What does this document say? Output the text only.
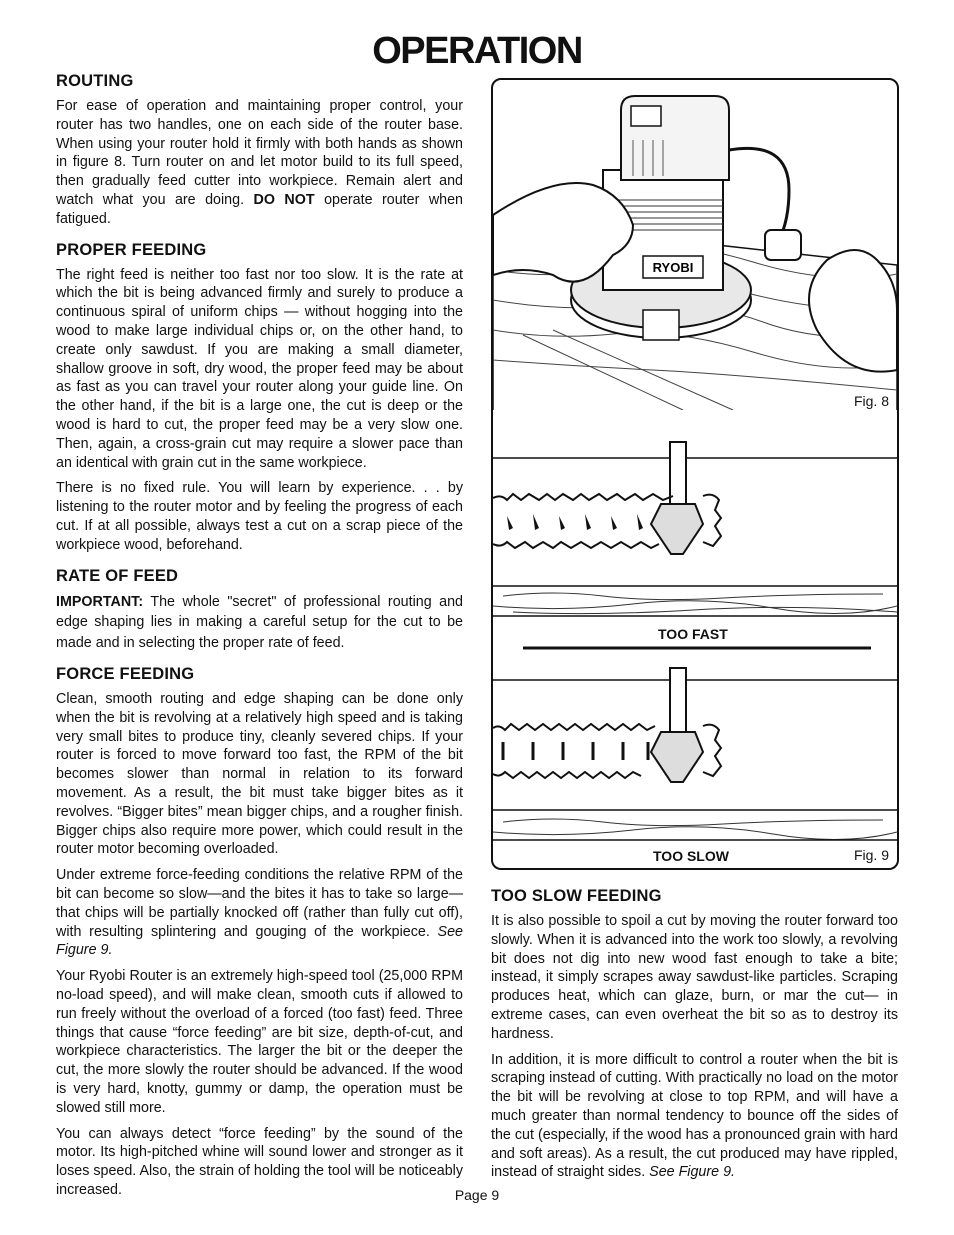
OPERATION
ROUTING

For ease of operation and maintaining proper control, your router has two handles, one on each side of the router base. When using your router hold it firmly with both hands as shown in figure 8. Turn router on and let motor build to its full speed, then gradually feed cutter into workpiece. Remain alert and watch what you are doing. DO NOT operate router when fatigued.

PROPER FEEDING

The right feed is neither too fast nor too slow. It is the rate at which the bit is being advanced firmly and surely to produce a continuous spiral of uniform chips — without hogging into the wood to make large individual chips or, on the other hand, to create only sawdust. If you are making a small diameter, shallow groove in soft, dry wood, the proper feed may be about as fast as you can travel your router along your guide line. On the other hand, if the bit is a large one, the cut is deep or the wood is hard to cut, the proper feed may be a very slow one. Then, again, a cross-grain cut may require a slower pace than an identical with grain cut in the same workpiece.

There is no fixed rule. You will learn by experience. . . by listening to the router motor and by feeling the progress of each cut. If at all possible, always test a cut on a scrap piece of the workpiece wood, beforehand.

RATE OF FEED

IMPORTANT: The whole "secret" of professional routing and edge shaping lies in making a careful setup for the cut to be made and in selecting the proper rate of feed.

FORCE FEEDING

Clean, smooth routing and edge shaping can be done only when the bit is revolving at a relatively high speed and is taking very small bites to produce tiny, cleanly severed chips. If your router is forced to move forward too fast, the RPM of the bit becomes slower than normal in relation to its forward movement. As a result, the bit must take bigger bites as it revolves. “Bigger bites” mean bigger chips, and a rougher finish. Bigger chips also require more power, which could result in the router motor becoming overloaded.

Under extreme force-feeding conditions the relative RPM of the bit can become so slow—and the bites it has to take so large—that chips will be partially knocked off (rather than fully cut off), with resulting splintering and gouging of the workpiece. See Figure 9.

Your Ryobi Router is an extremely high-speed tool (25,000 RPM no-load speed), and will make clean, smooth cuts if allowed to run freely without the overload of a forced (too fast) feed. Three things that cause “force feeding” are bit size, depth-of-cut, and workpiece characteristics. The larger the bit or the deeper the cut, the more slowly the router should be advanced. If the wood is very hard, knotty, gummy or damp, the operation must be slowed still more.

You can always detect “force feeding” by the sound of the motor. Its high-pitched whine will sound lower and stronger as it loses speed. Also, the strain of holding the tool will be noticeably increased.

RYOBI
Fig. 8
TOO FAST
TOO SLOW	Fig. 9
TOO SLOW FEEDING

It is also possible to spoil a cut by moving the router forward too slowly. When it is advanced into the work too slowly, a revolving bit does not dig into new wood fast enough to take a bite; instead, it simply scrapes away sawdust-like particles. Scraping produces heat, which can glaze, burn, or mar the cut— in extreme cases, can even overheat the bit so as to destroy its hardness.

In addition, it is more difficult to control a router when the bit is scraping instead of cutting. With practically no load on the motor the bit will be revolving at close to top RPM, and will have a much greater than normal tendency to bounce off the sides of the cut (especially, if the wood has a pronounced grain with hard and soft areas). As a result, the cut produced may have rippled, instead of straight sides. See Figure 9.

Page 9
